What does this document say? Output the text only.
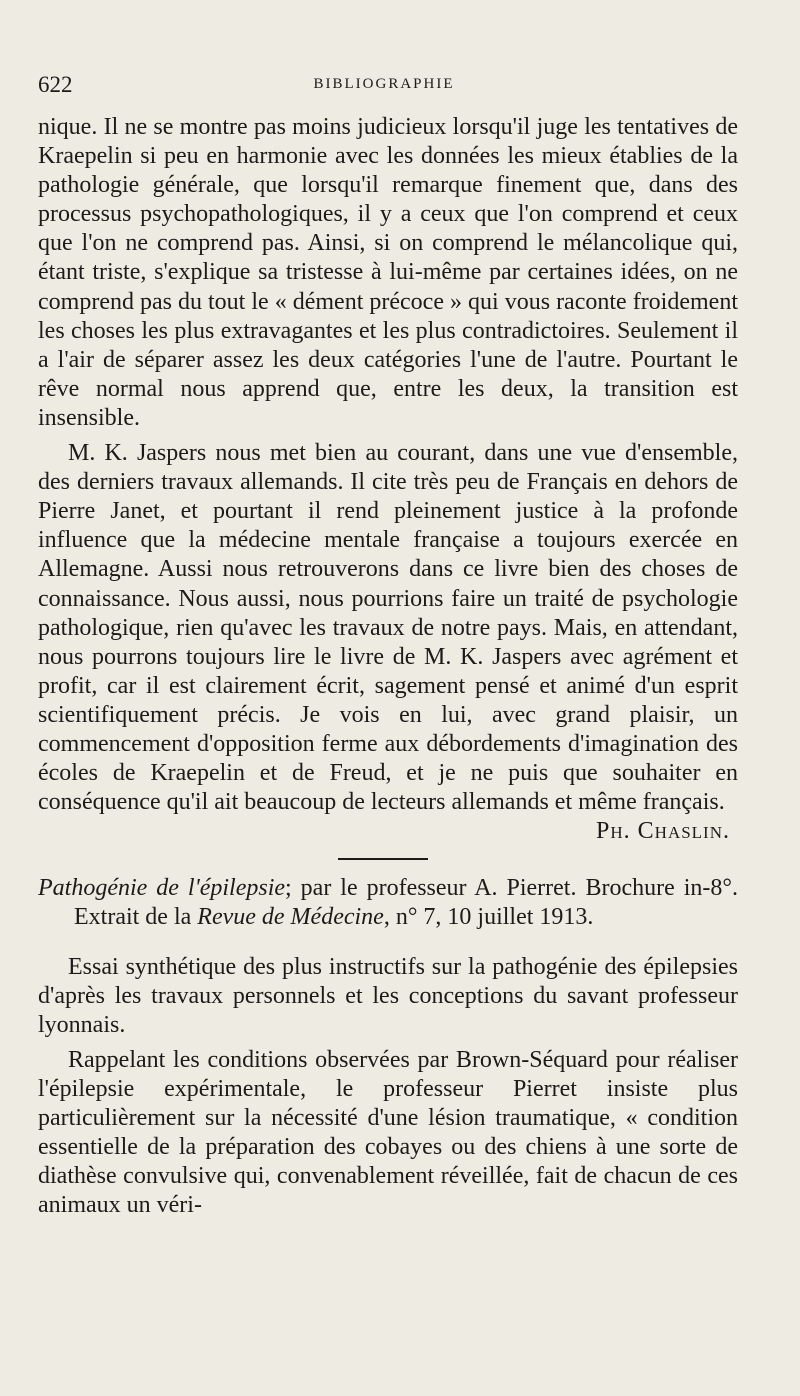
622	BIBLIOGRAPHIE

nique. Il ne se montre pas moins judicieux lorsqu'il juge les tentatives de Kraepelin si peu en harmonie avec les données les mieux établies de la pathologie générale, que lorsqu'il remarque finement que, dans des processus psychopathologiques, il y a ceux que l'on comprend et ceux que l'on ne comprend pas. Ainsi, si on comprend le mélancolique qui, étant triste, s'explique sa tristesse à lui-même par certaines idées, on ne comprend pas du tout le « dément précoce » qui vous raconte froidement les choses les plus extravagantes et les plus contradictoires. Seulement il a l'air de séparer assez les deux catégories l'une de l'autre. Pourtant le rêve normal nous apprend que, entre les deux, la transition est insensible.

M. K. Jaspers nous met bien au courant, dans une vue d'ensemble, des derniers travaux allemands. Il cite très peu de Français en dehors de Pierre Janet, et pourtant il rend pleinement justice à la profonde influence que la médecine mentale française a toujours exercée en Allemagne. Aussi nous retrouverons dans ce livre bien des choses de connaissance. Nous aussi, nous pourrions faire un traité de psychologie pathologique, rien qu'avec les travaux de notre pays. Mais, en attendant, nous pourrons toujours lire le livre de M. K. Jaspers avec agrément et profit, car il est clairement écrit, sagement pensé et animé d'un esprit scientifiquement précis. Je vois en lui, avec grand plaisir, un commencement d'opposition ferme aux débordements d'imagination des écoles de Kraepelin et de Freud, et je ne puis que souhaiter en conséquence qu'il ait beaucoup de lecteurs allemands et même français.

Ph. Chaslin.

Pathogénie de l'épilepsie; par le professeur A. Pierret. Brochure in-8°. Extrait de la Revue de Médecine, n° 7, 10 juillet 1913.

Essai synthétique des plus instructifs sur la pathogénie des épilepsies d'après les travaux personnels et les conceptions du savant professeur lyonnais.

Rappelant les conditions observées par Brown-Séquard pour réaliser l'épilepsie expérimentale, le professeur Pierret insiste plus particulièrement sur la nécessité d'une lésion traumatique, « condition essentielle de la préparation des cobayes ou des chiens à une sorte de diathèse convulsive qui, convenablement réveillée, fait de chacun de ces animaux un véri-
